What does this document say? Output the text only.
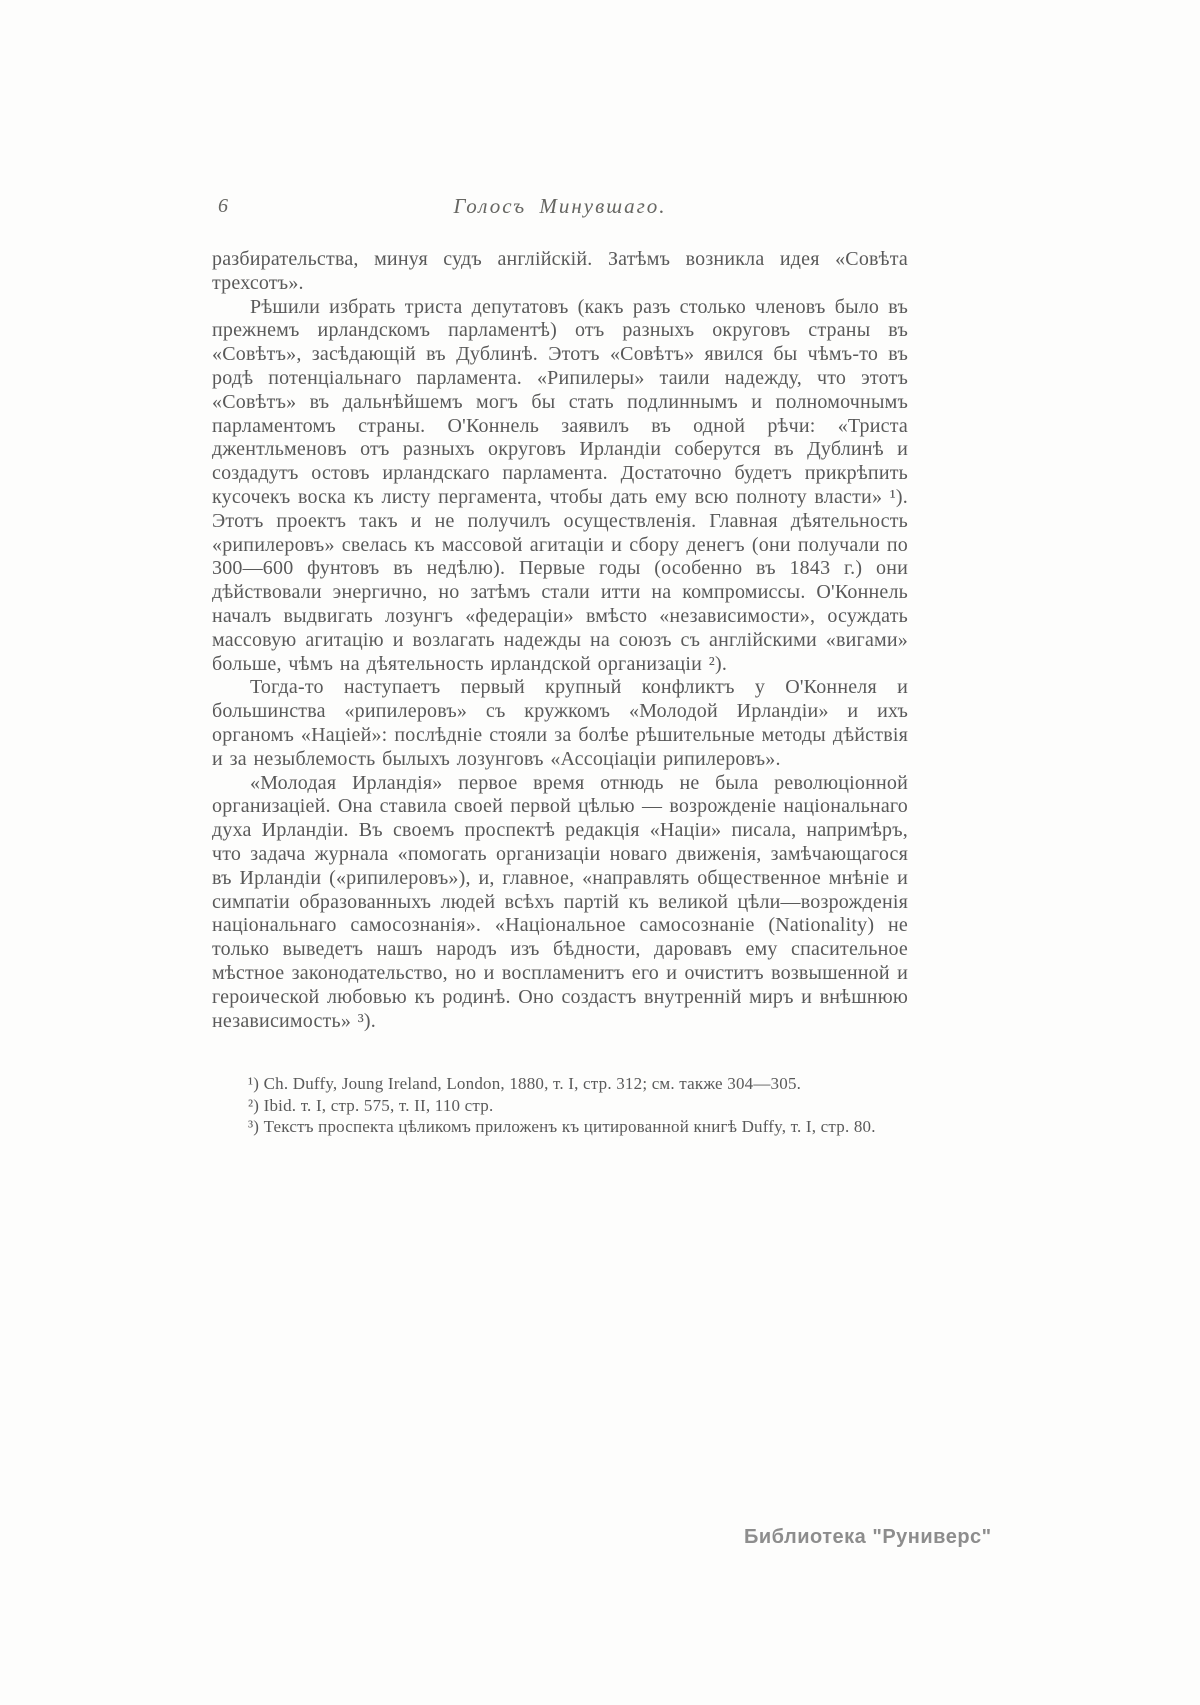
6	Голосъ Минувшаго.

разбирательства, минуя судъ англійскій. Затѣмъ возникла идея «Совѣта трехсотъ».

Рѣшили избрать триста депутатовъ (какъ разъ столько членовъ было въ прежнемъ ирландскомъ парламентѣ) отъ разныхъ округовъ страны въ «Совѣтъ», засѣдающій въ Дублинѣ. Этотъ «Совѣтъ» явился бы чѣмъ-то въ родѣ потенціальнаго парламента. «Рипилеры» таили надежду, что этотъ «Совѣтъ» въ дальнѣйшемъ могъ бы стать подлиннымъ и полномочнымъ парламентомъ страны. О'Коннель заявилъ въ одной рѣчи: «Триста джентльменовъ отъ разныхъ округовъ Ирландіи соберутся въ Дублинѣ и создадутъ остовъ ирландскаго парламента. Достаточно будетъ прикрѣпить кусочекъ воска къ листу пергамента, чтобы дать ему всю полноту власти» ¹). Этотъ проектъ такъ и не получилъ осуществленія. Главная дѣятельность «рипилеровъ» свелась къ массовой агитаціи и сбору денегъ (они получали по 300—600 фунтовъ въ недѣлю). Первые годы (особенно въ 1843 г.) они дѣйствовали энергично, но затѣмъ стали итти на компромиссы. О'Коннель началъ выдвигать лозунгъ «федераціи» вмѣсто «независимости», осуждать массовую агитацію и возлагать надежды на союзъ съ англійскими «вигами» больше, чѣмъ на дѣятельность ирландской организаціи ²).

Тогда-то наступаетъ первый крупный конфликтъ у О'Коннеля и большинства «рипилеровъ» съ кружкомъ «Молодой Ирландіи» и ихъ органомъ «Націей»: послѣдніе стояли за болѣе рѣшительные методы дѣйствія и за незыблемость былыхъ лозунговъ «Ассоціаціи рипилеровъ».

«Молодая Ирландія» первое время отнюдь не была революціонной организаціей. Она ставила своей первой цѣлью — возрожденіе національнаго духа Ирландіи. Въ своемъ проспектѣ редакція «Націи» писала, напримѣръ, что задача журнала «помогать организаціи новаго движенія, замѣчающагося въ Ирландіи («рипилеровъ»), и, главное, «направлять общественное мнѣніе и симпатіи образованныхъ людей всѣхъ партій къ великой цѣли—возрожденія національнаго самосознанія». «Національное самосознаніе (Nationality) не только выведетъ нашъ народъ изъ бѣдности, даровавъ ему спасительное мѣстное законодательство, но и воспламенитъ его и очиститъ возвышенной и героической любовью къ родинѣ. Оно создастъ внутренній миръ и внѣшнюю независимость» ³).

¹) Ch. Duffy, Joung Ireland, London, 1880, т. I, стр. 312; см. также 304—305.

²) Ibid. т. I, стр. 575, т. II, 110 стр.

³) Текстъ проспекта цѣликомъ приложенъ къ цитированной книгѣ Duffy, т. I, стр. 80.

Библиотека "Руниверс"
